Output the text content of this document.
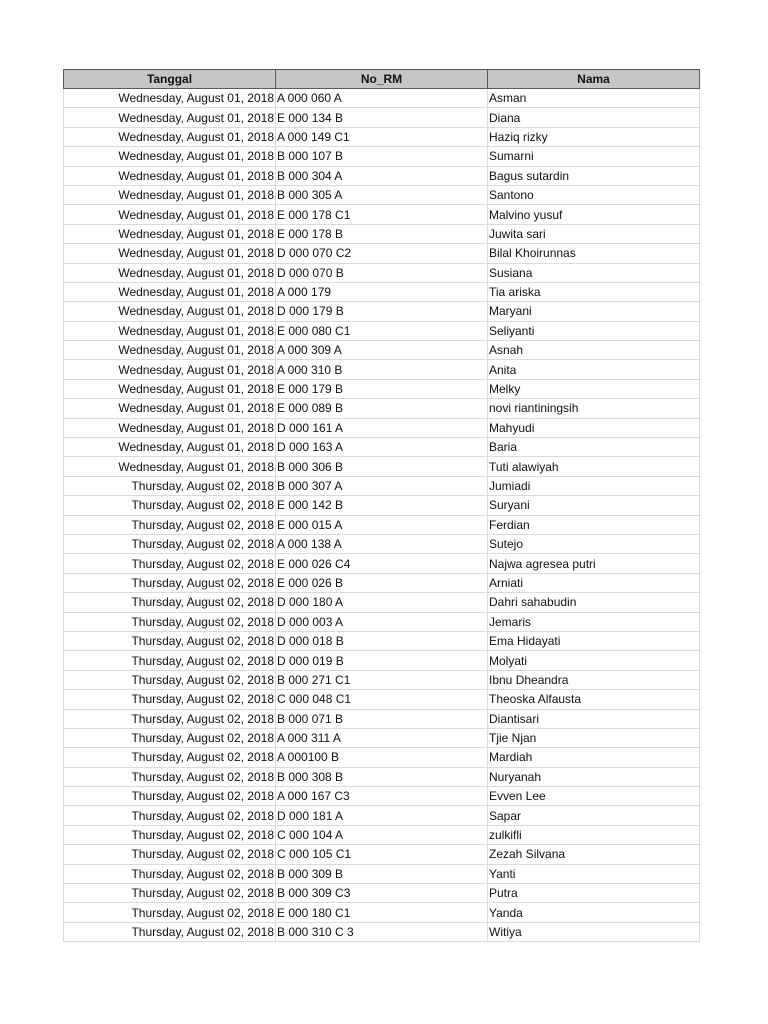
Tanggal	No_RM	Nama
Wednesday, August 01, 2018	A 000 060 A	Asman
Wednesday, August 01, 2018	E 000 134 B	Diana
Wednesday, August 01, 2018	A 000 149 C1	Haziq rizky
Wednesday, August 01, 2018	B 000 107 B	Sumarni
Wednesday, August 01, 2018	B 000 304 A	Bagus sutardin
Wednesday, August 01, 2018	B 000 305 A	Santono
Wednesday, August 01, 2018	E 000 178 C1	Malvino yusuf
Wednesday, August 01, 2018	E 000 178 B	Juwita sari
Wednesday, August 01, 2018	D 000 070 C2	Bilal Khoirunnas
Wednesday, August 01, 2018	D 000 070 B	Susiana
Wednesday, August 01, 2018	A 000 179	Tia ariska
Wednesday, August 01, 2018	D 000 179 B	Maryani
Wednesday, August 01, 2018	E 000 080 C1	Seliyanti
Wednesday, August 01, 2018	A 000 309 A	Asnah
Wednesday, August 01, 2018	A 000 310 B	Anita
Wednesday, August 01, 2018	E 000 179 B	Melky
Wednesday, August 01, 2018	E 000 089 B	novi riantiningsih
Wednesday, August 01, 2018	D 000 161 A	Mahyudi
Wednesday, August 01, 2018	D 000 163 A	Baria
Wednesday, August 01, 2018	B 000 306 B	Tuti alawiyah
Thursday, August 02, 2018	B 000 307 A	Jumiadi
Thursday, August 02, 2018	E 000 142 B	Suryani
Thursday, August 02, 2018	E 000 015 A	Ferdian
Thursday, August 02, 2018	A 000 138 A	Sutejo
Thursday, August 02, 2018	E 000 026 C4	Najwa agresea putri
Thursday, August 02, 2018	E 000 026 B	Arniati
Thursday, August 02, 2018	D 000 180 A	Dahri sahabudin
Thursday, August 02, 2018	D 000 003 A	Jemaris
Thursday, August 02, 2018	D 000 018 B	Ema Hidayati
Thursday, August 02, 2018	D 000 019 B	Molyati
Thursday, August 02, 2018	B 000 271 C1	Ibnu Dheandra
Thursday, August 02, 2018	C 000 048 C1	Theoska Alfausta
Thursday, August 02, 2018	B 000 071 B	Diantisari
Thursday, August 02, 2018	A 000 311 A	Tjie Njan
Thursday, August 02, 2018	A 000100 B	Mardiah
Thursday, August 02, 2018	B 000 308 B	Nuryanah
Thursday, August 02, 2018	A 000 167 C3	Evven Lee
Thursday, August 02, 2018	D 000 181 A	Sapar
Thursday, August 02, 2018	C 000 104 A	zulkifli
Thursday, August 02, 2018	C 000 105 C1	Zezah Silvana
Thursday, August 02, 2018	B 000 309 B	Yanti
Thursday, August 02, 2018	B 000 309 C3	Putra
Thursday, August 02, 2018	E 000 180 C1	Yanda
Thursday, August 02, 2018	B 000 310 C 3	Witiya
